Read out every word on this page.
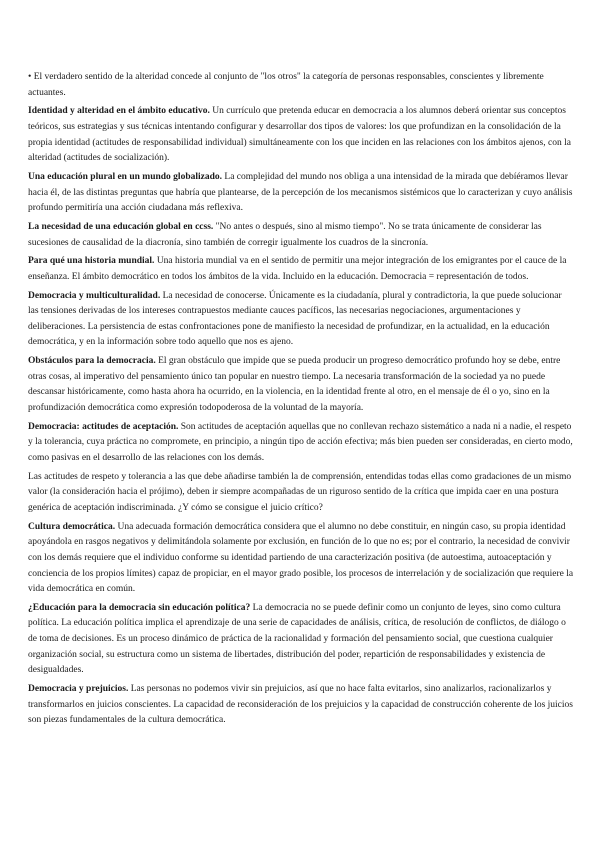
• El verdadero sentido de la alteridad concede al conjunto de "los otros" la categoría de personas responsables, conscientes y libremente actuantes.

Identidad y alteridad en el ámbito educativo. Un currículo que pretenda educar en democracia a los alumnos deberá orientar sus conceptos teóricos, sus estrategias y sus técnicas intentando configurar y desarrollar dos tipos de valores: los que profundizan en la consolidación de la propia identidad (actitudes de responsabilidad individual) simultáneamente con los que inciden en las relaciones con los ámbitos ajenos, con la alteridad (actitudes de socialización).

Una educación plural en un mundo globalizado. La complejidad del mundo nos obliga a una intensidad de la mirada que debíéramos llevar hacia él, de las distintas preguntas que habría que plantearse, de la percepción de los mecanismos sistémicos que lo caracterizan y cuyo análisis profundo permitiría una acción ciudadana más reflexiva.

La necesidad de una educación global en ccss. "No antes o después, sino al mismo tiempo". No se trata únicamente de considerar las sucesiones de causalidad de la diacronía, sino también de corregir igualmente los cuadros de la sincronía.

Para qué una historia mundial. Una historia mundial va en el sentido de permitir una mejor integración de los emigrantes por el cauce de la enseñanza. El ámbito democrático en todos los ámbitos de la vida. Incluido en la educación. Democracia = representación de todos.

Democracia y multiculturalidad. La necesidad de conocerse. Únicamente es la ciudadanía, plural y contradictoria, la que puede solucionar las tensiones derivadas de los intereses contrapuestos mediante cauces pacíficos, las necesarias negociaciones, argumentaciones y deliberaciones. La persistencia de estas confrontaciones pone de manifiesto la necesidad de profundizar, en la actualidad, en la educación democrática, y en la información sobre todo aquello que nos es ajeno.

Obstáculos para la democracia. El gran obstáculo que impide que se pueda producir un progreso democrático profundo hoy se debe, entre otras cosas, al imperativo del pensamiento único tan popular en nuestro tiempo. La necesaria transformación de la sociedad ya no puede descansar históricamente, como hasta ahora ha ocurrido, en la violencia, en la identidad frente al otro, en el mensaje de él o yo, sino en la profundización democrática como expresión todopoderosa de la voluntad de la mayoría.

Democracia: actitudes de aceptación. Son actitudes de aceptación aquellas que no conllevan rechazo sistemático a nada ni a nadie, el respeto y la tolerancia, cuya práctica no compromete, en principio, a ningún tipo de acción efectiva; más bien pueden ser consideradas, en cierto modo, como pasivas en el desarrollo de las relaciones con los demás.

Las actitudes de respeto y tolerancia a las que debe añadirse también la de comprensión, entendidas todas ellas como gradaciones de un mismo valor (la consideración hacia el prójimo), deben ir siempre acompañadas de un riguroso sentido de la crítica que impida caer en una postura genérica de aceptación indiscriminada. ¿Y cómo se consigue el juicio crítico?

Cultura democrática. Una adecuada formación democrática considera que el alumno no debe constituir, en ningún caso, su propia identidad apoyándola en rasgos negativos y delimitándola solamente por exclusión, en función de lo que no es; por el contrario, la necesidad de convivir con los demás requiere que el individuo conforme su identidad partiendo de una caracterización positiva (de autoestima, autoaceptación y conciencia de los propios límites) capaz de propiciar, en el mayor grado posible, los procesos de interrelación y de socialización que requiere la vida democrática en común.

¿Educación para la democracia sin educación política? La democracia no se puede definir como un conjunto de leyes, sino como cultura política. La educación política implica el aprendizaje de una serie de capacidades de análisis, crítica, de resolución de conflictos, de diálogo o de toma de decisiones. Es un proceso dinámico de práctica de la racionalidad y formación del pensamiento social, que cuestiona cualquier organización social, su estructura como un sistema de libertades, distribución del poder, repartición de responsabilidades y existencia de desigualdades.

Democracia y prejuicios. Las personas no podemos vivir sin prejuicios, así que no hace falta evitarlos, sino analizarlos, racionalizarlos y transformarlos en juicios conscientes. La capacidad de reconsideración de los prejuicios y la capacidad de construcción coherente de los juicios son piezas fundamentales de la cultura democrática.
